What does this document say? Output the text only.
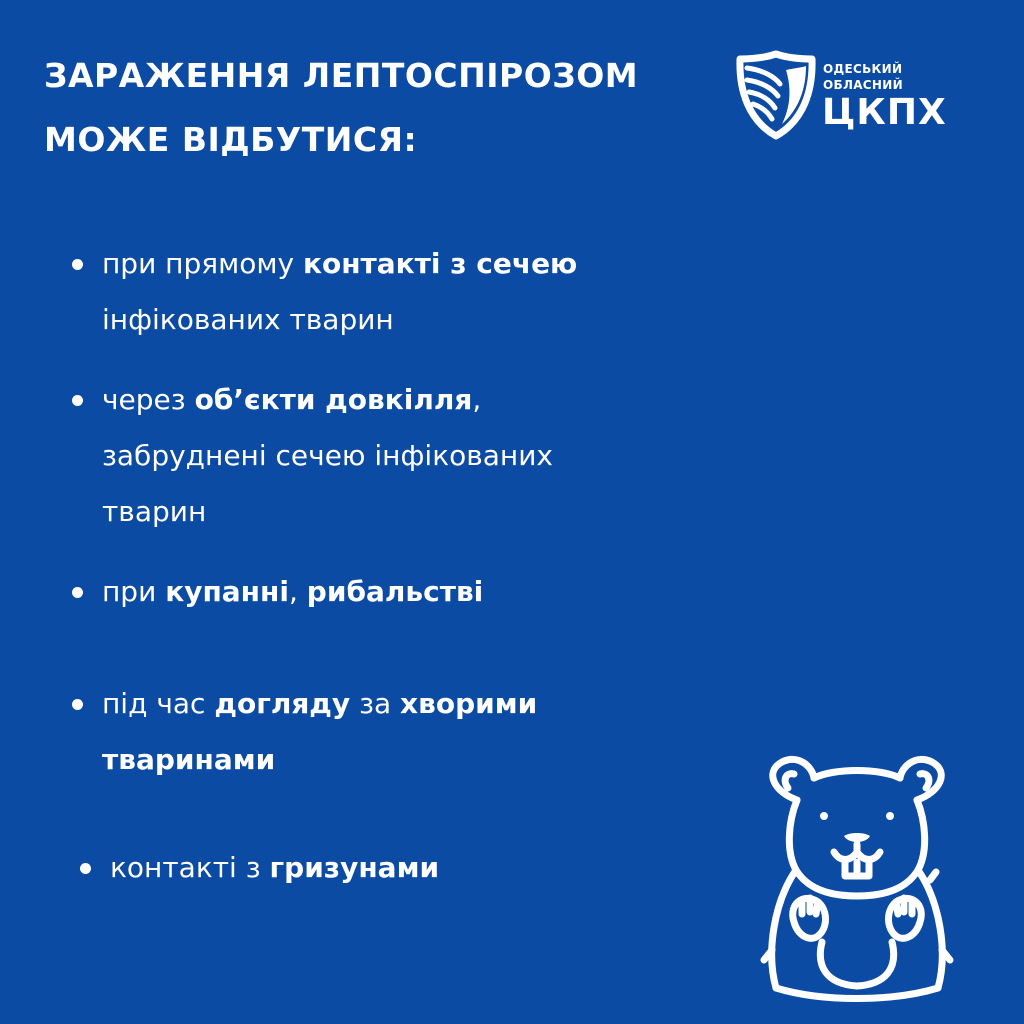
ЗАРАЖЕННЯ ЛЕПТОСПІРОЗОМ
МОЖЕ ВІДБУТИСЯ:
ОДЕСЬКИЙ
ОБЛАСНИЙ
ЦКПХ
при прямому контакті з сечею
інфікованих тварин
через об’єкти довкілля,
забруднені сечею інфікованих
тварин
при купанні, рибальстві
під час догляду за хворими
тваринами
контакті з гризунами
